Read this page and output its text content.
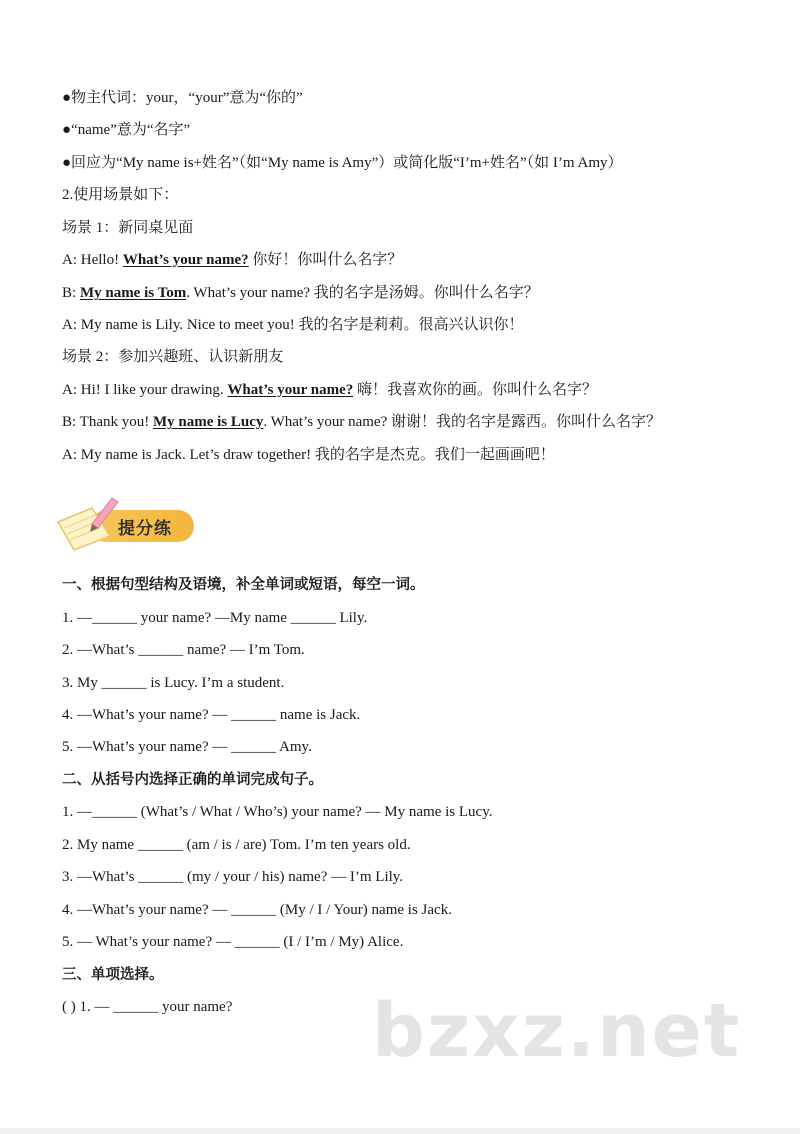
●物主代词：your，“your”意为“你的”
●“name”意为“名字”
●回应为“My name is+姓名”（如“My name is Amy”）或简化版“I’m+姓名”（如 I’m Amy）
2.使用场景如下：
场景 1：新同桌见面
A: Hello! What’s your name? 你好！你叫什么名字？
B: My name is Tom. What’s your name? 我的名字是汤姆。你叫什么名字？
A: My name is Lily. Nice to meet you! 我的名字是莉莉。很高兴认识你！
场景 2：参加兴趣班、认识新朋友
A: Hi! I like your drawing. What’s your name? 嗨！我喜欢你的画。你叫什么名字？
B: Thank you! My name is Lucy. What’s your name? 谢谢！我的名字是露西。你叫什么名字？
A: My name is Jack. Let’s draw together! 我的名字是杰克。我们一起画画吧！
提分练
一、根据句型结构及语境，补全单词或短语，每空一词。
1. —______ your name? —My name ______ Lily.
2. —What’s ______ name? — I’m Tom.
3. My ______ is Lucy. I’m a student.
4. —What’s your name? — ______ name is Jack.
5. —What’s your name? — ______ Amy.
二、从括号内选择正确的单词完成句子。
1. —______ (What’s / What / Who’s) your name? — My name is Lucy.
2. My name ______ (am / is / are) Tom. I’m ten years old.
3. —What’s ______ (my / your / his) name? — I’m Lily.
4. —What’s your name? — ______ (My / I / Your) name is Jack.
5. — What’s your name? — ______ (I / I’m / My) Alice.
三、单项选择。
( ) 1. — ______ your name? bzxz.net
